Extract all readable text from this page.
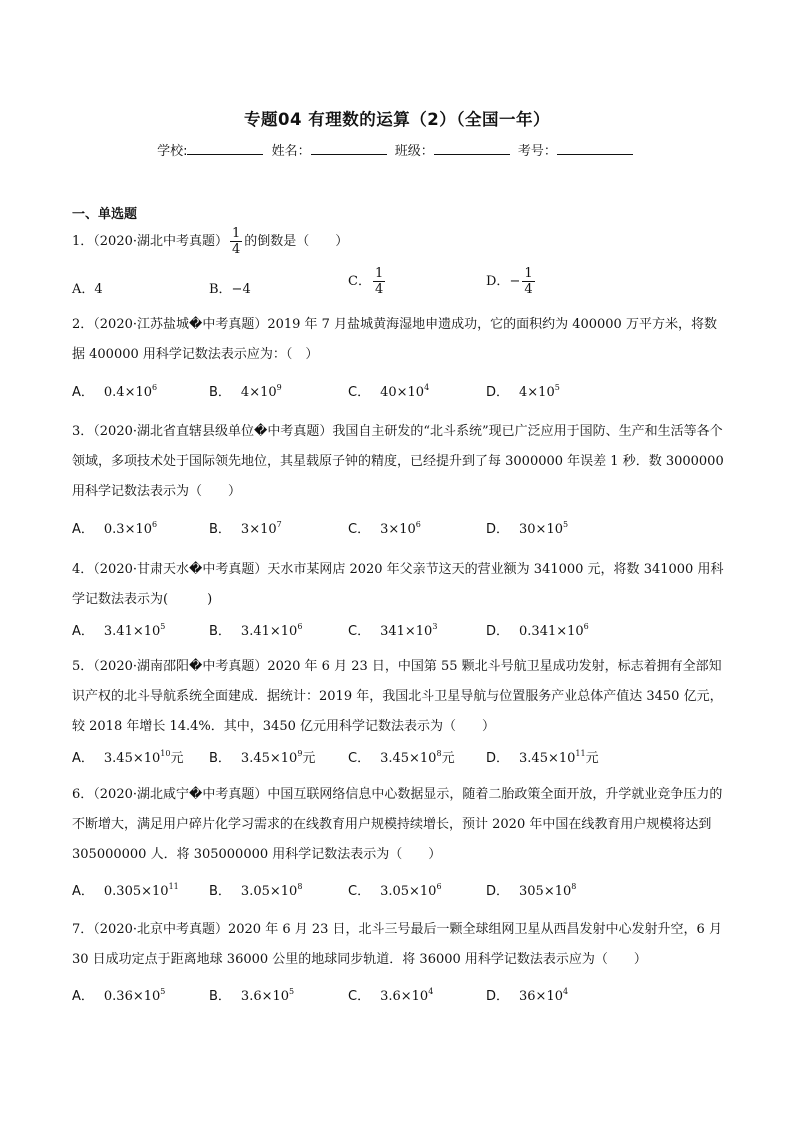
专题04 有理数的运算（2）（全国一年）
学校:	姓名：	班级：	考号：
一、单选题
1．（2020·湖北中考真题） $\frac{1}{4}$ 的倒数是（　　）
A．4	B．−4
C． $\frac{1}{4}$	D．− $\frac{1}{4}$
2．（2020·江苏盐城�中考真题）2019 年 7 月盐城黄海湿地申遗成功，它的面积约为 400000 万平方米，将数据 400000 用科学记数法表示应为：（　）
A． $0.4\times 10^6$	B． $4\times 10^9$	C． $40\times 10^4$	D． $4\times 10^5$
3．（2020·湖北省直辖县级单位�中考真题）我国自主研发的“北斗系统”现已广泛应用于国防、生产和生活等各个领域，多项技术处于国际领先地位，其星载原子钟的精度，已经提升到了每 3000000 年误差 1 秒．数 3000000 用科学记数法表示为（　　）
A． $0.3\times 10^6$	B． $3\times 10^7$	C． $3\times 10^6$	D． $30\times 10^5$
4．（2020·甘肃天水�中考真题）天水市某网店 2020 年父亲节这天的营业额为 341000 元，将数 341000 用科学记数法表示为(　　　)
A． $3.41\times 10^5$	B． $3.41\times 10^6$	C． $341\times 10^3$	D． $0.341\times 10^6$
5．（2020·湖南邵阳�中考真题）2020 年 6 月 23 日，中国第 55 颗北斗号航卫星成功发射，标志着拥有全部知识产权的北斗导航系统全面建成．据统计：2019 年，我国北斗卫星导航与位置服务产业总体产值达 3450 亿元，较 2018 年增长 14.4%．其中，3450 亿元用科学记数法表示为（　　）
A． $3.45\times 10^{10}$元 B． $3.45\times 10^9$元	C． $3.45\times 10^8$元 D． $3.45\times 10^{11}$元
6．（2020·湖北咸宁�中考真题）中国互联网络信息中心数据显示，随着二胎政策全面开放，升学就业竞争压力的不断增大，满足用户碎片化学习需求的在线教育用户规模持续增长，预计 2020 年中国在线教育用户规模将达到 305000000 人．将 305000000 用科学记数法表示为（　　）
A． $0.305\times 10^{11}$ B． $3.05\times 10^8$	C． $3.05\times 10^6$	D． $305\times 10^8$
7．（2020·北京中考真题）2020 年 6 月 23 日，北斗三号最后一颗全球组网卫星从西昌发射中心发射升空，6 月 30 日成功定点于距离地球 36000 公里的地球同步轨道．将 36000 用科学记数法表示应为（　　）
A． $0.36\times 10^5$	B． $3.6\times 10^5$	C． $3.6\times 10^4$	D． $36\times 10^4$
